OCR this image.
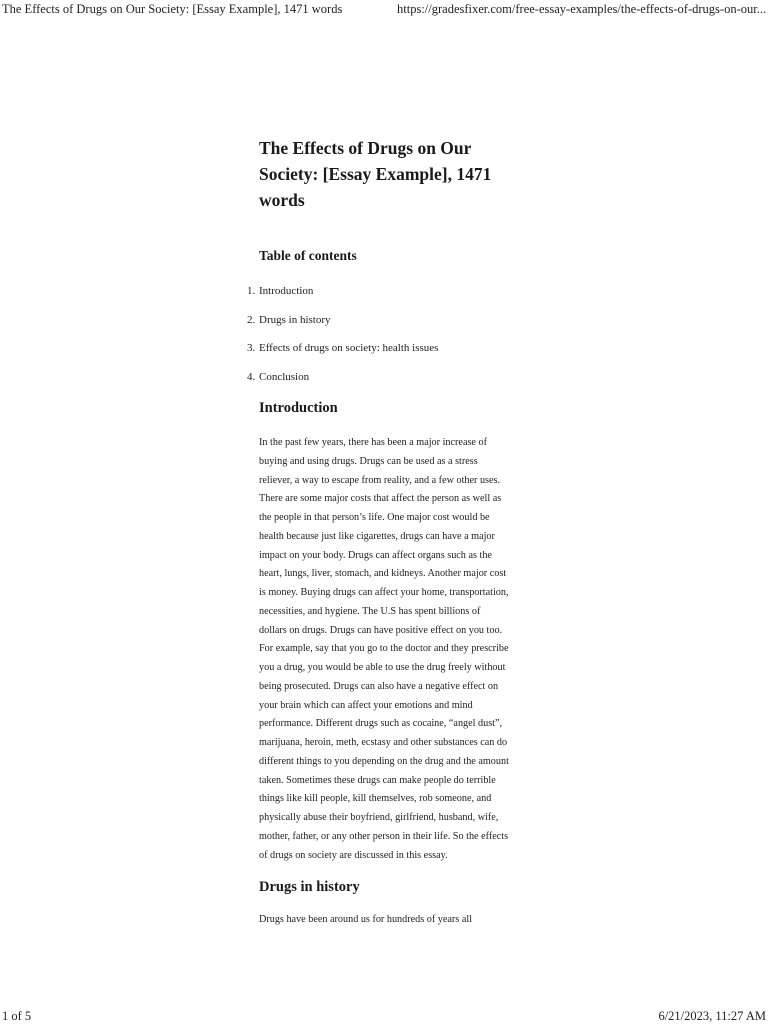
The Effects of Drugs on Our Society: [Essay Example], 1471 words	https://gradesfixer.com/free-essay-examples/the-effects-of-drugs-on-our...
The Effects of Drugs on Our Society: [Essay Example], 1471 words
Table of contents
1. Introduction
2. Drugs in history
3. Effects of drugs on society: health issues
4. Conclusion
Introduction

In the past few years, there has been a major increase of buying and using drugs. Drugs can be used as a stress reliever, a way to escape from reality, and a few other uses. There are some major costs that affect the person as well as the people in that person’s life. One major cost would be health because just like cigarettes, drugs can have a major impact on your body. Drugs can affect organs such as the heart, lungs, liver, stomach, and kidneys. Another major cost is money. Buying drugs can affect your home, transportation, necessities, and hygiene. The U.S has spent billions of dollars on drugs. Drugs can have positive effect on you too. For example, say that you go to the doctor and they prescribe you a drug, you would be able to use the drug freely without being prosecuted. Drugs can also have a negative effect on your brain which can affect your emotions and mind performance. Different drugs such as cocaine, “angel dust”, marijuana, heroin, meth, ecstasy and other substances can do different things to you depending on the drug and the amount taken. Sometimes these drugs can make people do terrible things like kill people, kill themselves, rob someone, and physically abuse their boyfriend, girlfriend, husband, wife, mother, father, or any other person in their life. So the effects of drugs on society are discussed in this essay.

Drugs in history

Drugs have been around us for hundreds of years all

1 of 5	6/21/2023, 11:27 AM
